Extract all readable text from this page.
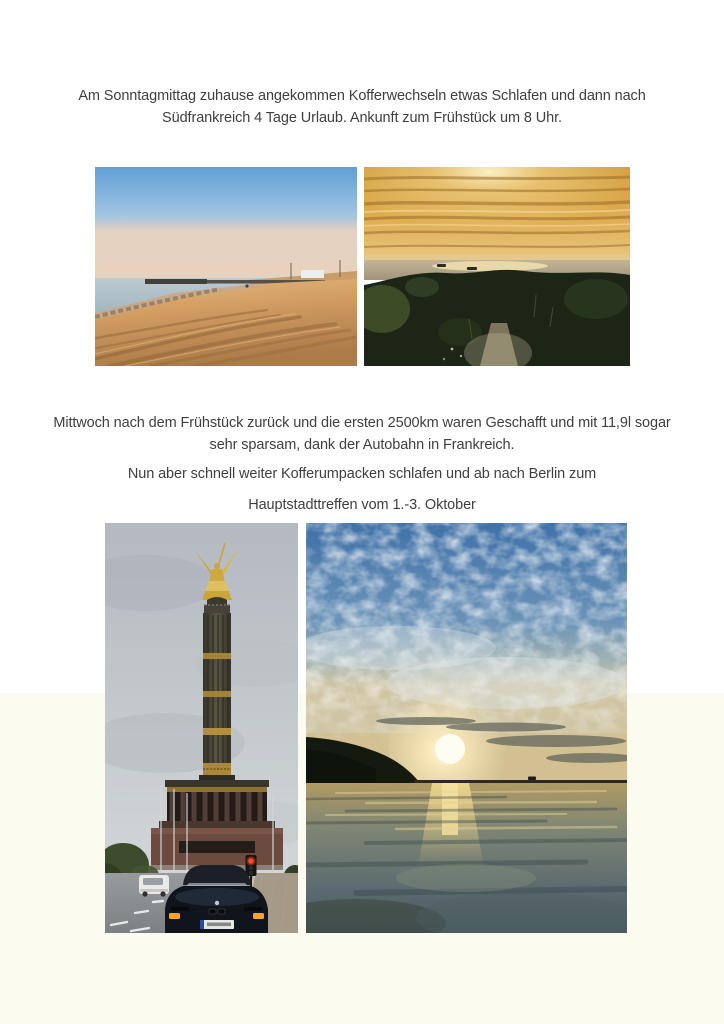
Am Sonntagmittag zuhause angekommen Kofferwechseln etwas Schlafen und dann nach
Südfrankreich 4 Tage Urlaub. Ankunft zum Frühstück um 8 Uhr.
Mittwoch nach dem Frühstück zurück und die ersten 2500km waren Geschafft und mit 11,9l sogar
sehr sparsam, dank der Autobahn in Frankreich.
Nun aber schnell weiter Kofferumpacken schlafen und ab nach Berlin zum
Hauptstadttreffen vom 1.-3. Oktober
